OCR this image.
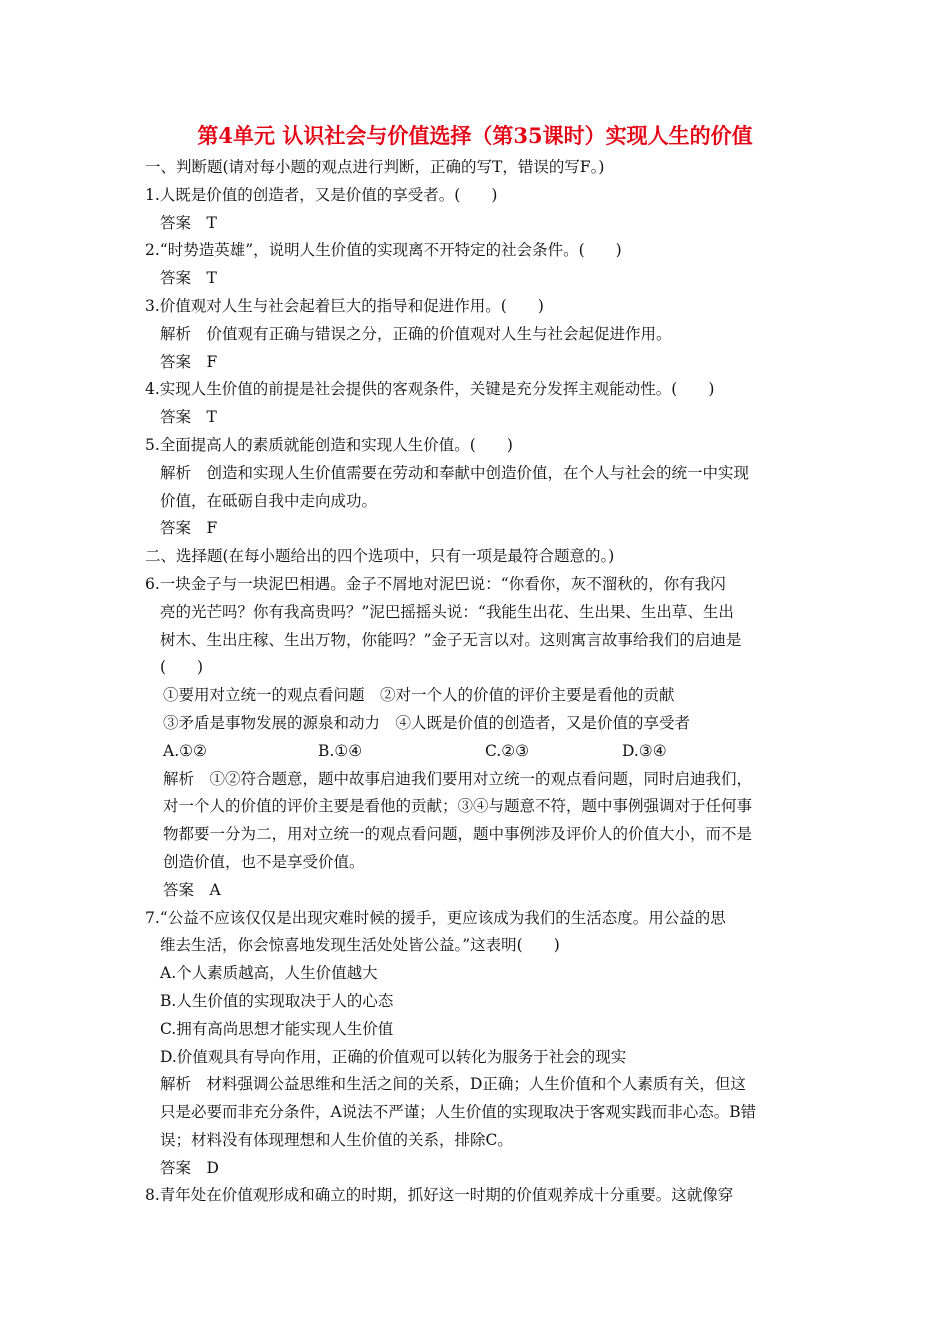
第4单元 认识社会与价值选择（第35课时）实现人生的价值

一、判断题(请对每小题的观点进行判断，正确的写T，错误的写F。)

1.人既是价值的创造者，又是价值的享受者。(　　)

答案　T

2.“时势造英雄”，说明人生价值的实现离不开特定的社会条件。(　　)

答案　T

3.价值观对人生与社会起着巨大的指导和促进作用。(　　)

解析　价值观有正确与错误之分，正确的价值观对人生与社会起促进作用。

答案　F

4.实现人生价值的前提是社会提供的客观条件，关键是充分发挥主观能动性。(　　)

答案　T

5.全面提高人的素质就能创造和实现人生价值。(　　)

解析　创造和实现人生价值需要在劳动和奉献中创造价值，在个人与社会的统一中实现

价值，在砥砺自我中走向成功。

答案　F

二、选择题(在每小题给出的四个选项中，只有一项是最符合题意的。)

6.一块金子与一块泥巴相遇。金子不屑地对泥巴说：“你看你，灰不溜秋的，你有我闪

亮的光芒吗？你有我高贵吗？”泥巴摇摇头说：“我能生出花、生出果、生出草、生出

树木、生出庄稼、生出万物，你能吗？”金子无言以对。这则寓言故事给我们的启迪是

(　　)

①要用对立统一的观点看问题　②对一个人的价值的评价主要是看他的贡献

③矛盾是事物发展的源泉和动力　④人既是价值的创造者，又是价值的享受者

A.①②	B.①④	C.②③	D.③④

解析　①②符合题意，题中故事启迪我们要用对立统一的观点看问题，同时启迪我们，

对一个人的价值的评价主要是看他的贡献；③④与题意不符，题中事例强调对于任何事

物都要一分为二，用对立统一的观点看问题，题中事例涉及评价人的价值大小，而不是

创造价值，也不是享受价值。

答案　A

7.“公益不应该仅仅是出现灾难时候的援手，更应该成为我们的生活态度。用公益的思

维去生活，你会惊喜地发现生活处处皆公益。”这表明(　　)

A.个人素质越高，人生价值越大

B.人生价值的实现取决于人的心态

C.拥有高尚思想才能实现人生价值

D.价值观具有导向作用，正确的价值观可以转化为服务于社会的现实

解析　材料强调公益思维和生活之间的关系，D正确；人生价值和个人素质有关，但这

只是必要而非充分条件，A说法不严谨；人生价值的实现取决于客观实践而非心态。B错

误；材料没有体现理想和人生价值的关系，排除C。

答案　D

8.青年处在价值观形成和确立的时期，抓好这一时期的价值观养成十分重要。这就像穿
